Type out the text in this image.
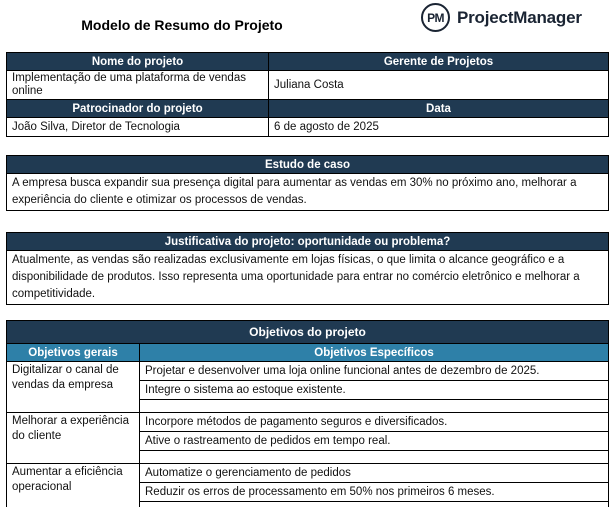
Modelo de Resumo do Projeto	PM ProjectManager
Nome do projeto	Gerente de Projetos
Implementação de uma plataforma de vendas online	Juliana Costa
Patrocinador do projeto	Data
João Silva, Diretor de Tecnologia	6 de agosto de 2025
Estudo de caso
A empresa busca expandir sua presença digital para aumentar as vendas em 30% no próximo ano, melhorar a experiência do cliente e otimizar os processos de vendas.
Justificativa do projeto: oportunidade ou problema?
Atualmente, as vendas são realizadas exclusivamente em lojas físicas, o que limita o alcance geográfico e a disponibilidade de produtos. Isso representa uma oportunidade para entrar no comércio eletrônico e melhorar a competitividade.
Objetivos do projeto	
Objetivos gerais	Objetivos Específicos
Digitalizar o canal de vendas da empresa	Projetar e desenvolver uma loja online funcional antes de dezembro de 2025.
	Integre o sistema ao estoque existente.

Melhorar a experiência do cliente	Incorpore métodos de pagamento seguros e diversificados.
	Ative o rastreamento de pedidos em tempo real.

Aumentar a eficiência operacional	Automatize o gerenciamento de pedidos
	Reduzir os erros de processamento em 50% nos primeiros 6 meses.
